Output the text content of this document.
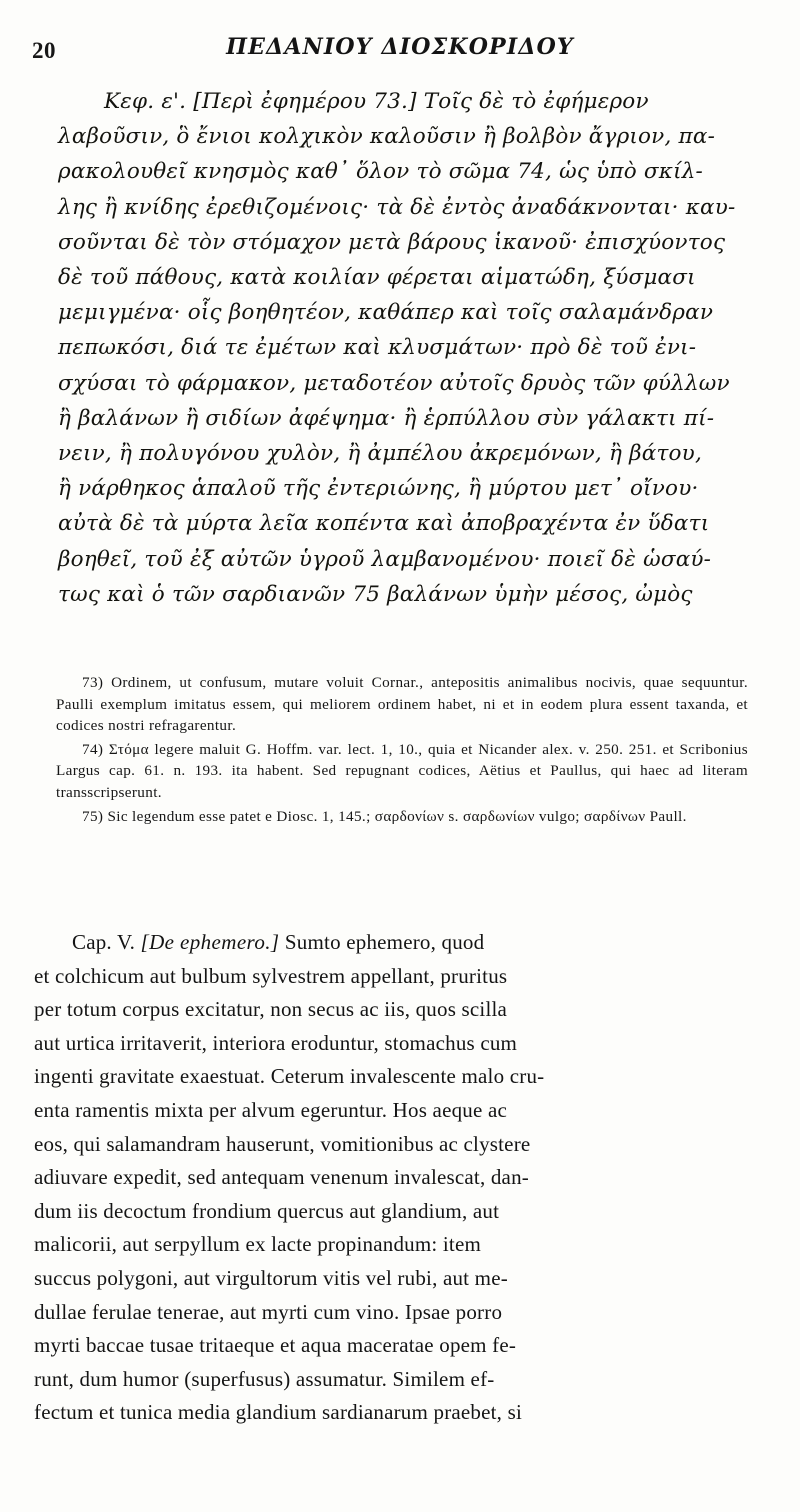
20	ΠΕΔΑΝΙΟΥ ΔΙΟΣΚΟΡΙΔΟΥ
Κεφ. ε'. [Περὶ ἐφημέρου 73.] Τοῖς δὲ τὸ ἐφήμερον
λαβοῦσιν, ὃ ἔνιοι κολχικὸν καλοῦσιν ἢ βολβὸν ἄγριον, πα-
ρακολουθεῖ κνησμὸς καθ᾽ ὅλον τὸ σῶμα 74, ὡς ὑπὸ σκίλ-
λης ἢ κνίδης ἐρεθιζομένοις· τὰ δὲ ἐντὸς ἀναδάκνονται· καυ-
σοῦνται δὲ τὸν στόμαχον μετὰ βάρους ἱκανοῦ· ἐπισχύοντος
δὲ τοῦ πάθους, κατὰ κοιλίαν φέρεται αἱματώδη, ξύσμασι
μεμιγμένα· οἷς βοηθητέον, καθάπερ καὶ τοῖς σαλαμάνδραν
πεπωκόσι, διά τε ἐμέτων καὶ κλυσμάτων· πρὸ δὲ τοῦ ἐνι-
σχύσαι τὸ φάρμακον, μεταδοτέον αὐτοῖς δρυὸς τῶν φύλλων
ἢ βαλάνων ἢ σιδίων ἀφέψημα· ἢ ἑρπύλλου σὺν γάλακτι πί-
νειν, ἢ πολυγόνου χυλὸν, ἢ ἀμπέλου ἀκρεμόνων, ἢ βάτου,
ἢ νάρθηκος ἁπαλοῦ τῆς ἐντεριώνης, ἢ μύρτου μετ᾽ οἴνου·
αὐτὰ δὲ τὰ μύρτα λεῖα κοπέντα καὶ ἀποβραχέντα ἐν ὕδατι
βοηθεῖ, τοῦ ἐξ αὐτῶν ὑγροῦ λαμβανομένου· ποιεῖ δὲ ὡσαύ-
τως καὶ ὁ τῶν σαρδιανῶν 75 βαλάνων ὑμὴν μέσος, ὠμὸς
73) Ordinem, ut confusum, mutare voluit Cornar., antepositis animalibus nocivis, quae sequuntur. Paulli exemplum imitatus essem, qui meliorem ordinem habet, ni et in eodem plura essent taxanda, et codices nostri refragarentur.
74) Στόμα legere maluit G. Hoffm. var. lect. 1, 10., quia et Nicander alex. v. 250. 251. et Scribonius Largus cap. 61. n. 193. ita habent. Sed repugnant codices, Aëtius et Paullus, qui haec ad literam transscripserunt.
75) Sic legendum esse patet e Diosc. 1, 145.; σαρδονίων s. σαρδωνίων vulgo; σαρδίνων Paull.

Cap. V. [De ephemero.] Sumto ephemero, quod

et colchicum aut bulbum sylvestrem appellant, pruritus

per totum corpus excitatur, non secus ac iis, quos scilla

aut urtica irritaverit, interiora eroduntur, stomachus cum

ingenti gravitate exaestuat. Ceterum invalescente malo cru-

enta ramentis mixta per alvum egeruntur. Hos aeque ac

eos, qui salamandram hauserunt, vomitionibus ac clystere

adiuvare expedit, sed antequam venenum invalescat, dan-

dum iis decoctum frondium quercus aut glandium, aut

malicorii, aut serpyllum ex lacte propinandum: item

succus polygoni, aut virgultorum vitis vel rubi, aut me-

dullae ferulae tenerae, aut myrti cum vino. Ipsae porro

myrti baccae tusae tritaeque et aqua maceratae opem fe-

runt, dum humor (superfusus) assumatur. Similem ef-

fectum et tunica media glandium sardianarum praebet, si
